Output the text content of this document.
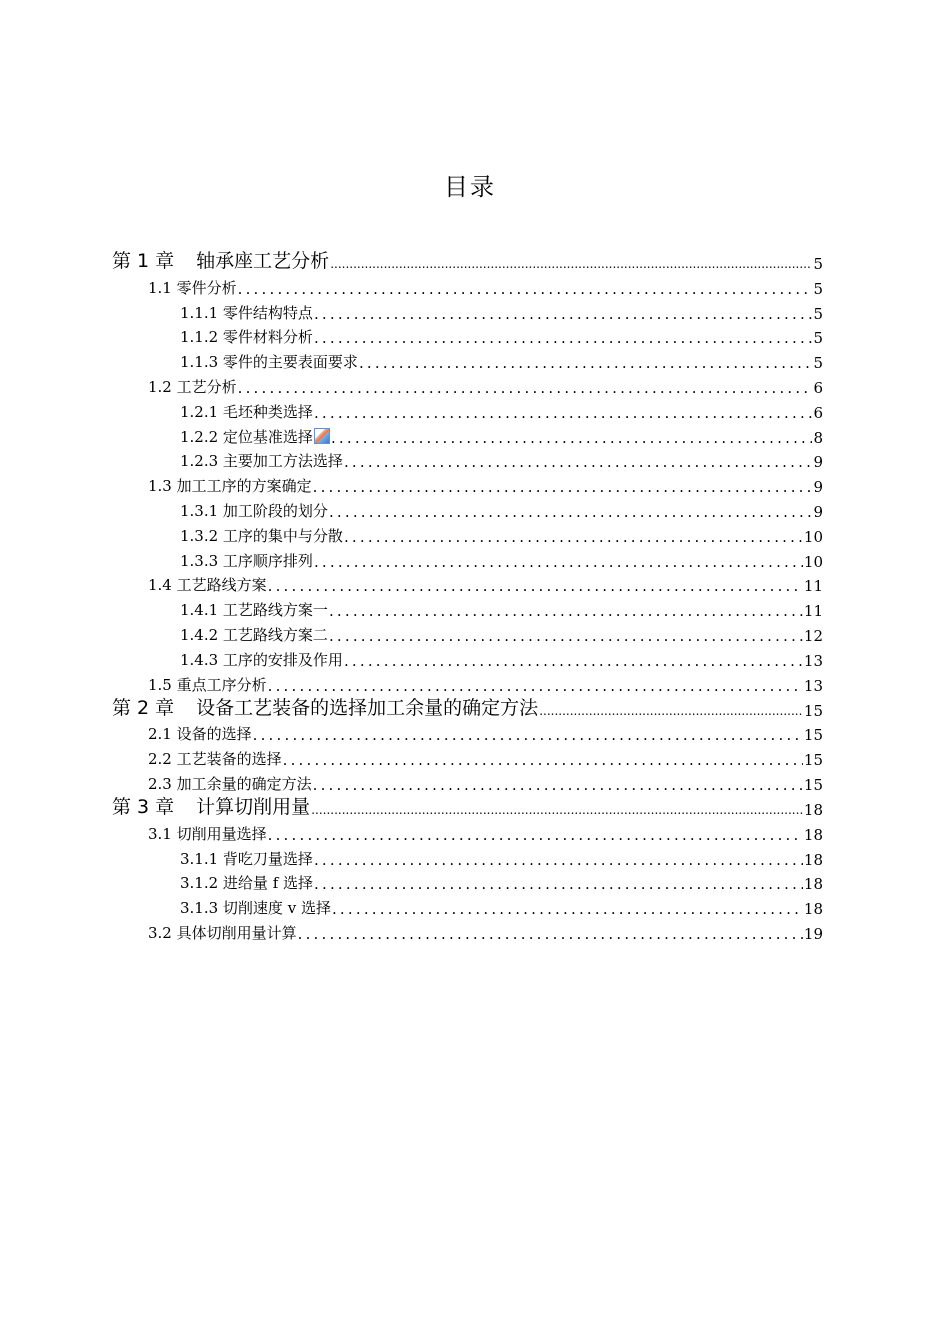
目录
第 1 章 轴承座工艺分析 .....	5
1.1 零件分析 .....	5
1.1.1 零件结构特点 .....	5
1.1.2 零件材料分析 .....	5
1.1.3 零件的主要表面要求 .....	5
1.2 工艺分析 .....	6
1.2.1 毛坯种类选择 .....	6
1.2.2 定位基准选择 .....	8
1.2.3 主要加工方法选择 .....	9
1.3 加工工序的方案确定 .....	9
1.3.1 加工阶段的划分 .....	9
1.3.2 工序的集中与分散 .....	10
1.3.3 工序顺序排列 .....	10
1.4 工艺路线方案 .....	11
1.4.1 工艺路线方案一 .....	11
1.4.2 工艺路线方案二 .....	12
1.4.3 工序的安排及作用 .....	13
1.5 重点工序分析 .....	13
第 2 章 设备工艺装备的选择加工余量的确定方法 .....	15
2.1 设备的选择 .....	15
2.2 工艺装备的选择 .....	15
2.3 加工余量的确定方法 .....	15
第 3 章 计算切削用量 .....	18
3.1 切削用量选择 .....	18
3.1.1 背吃刀量选择 .....	18
3.1.2 进给量 f 选择 .....	18
3.1.3 切削速度 v 选择 .....	18
3.2 具体切削用量计算 .....	19
